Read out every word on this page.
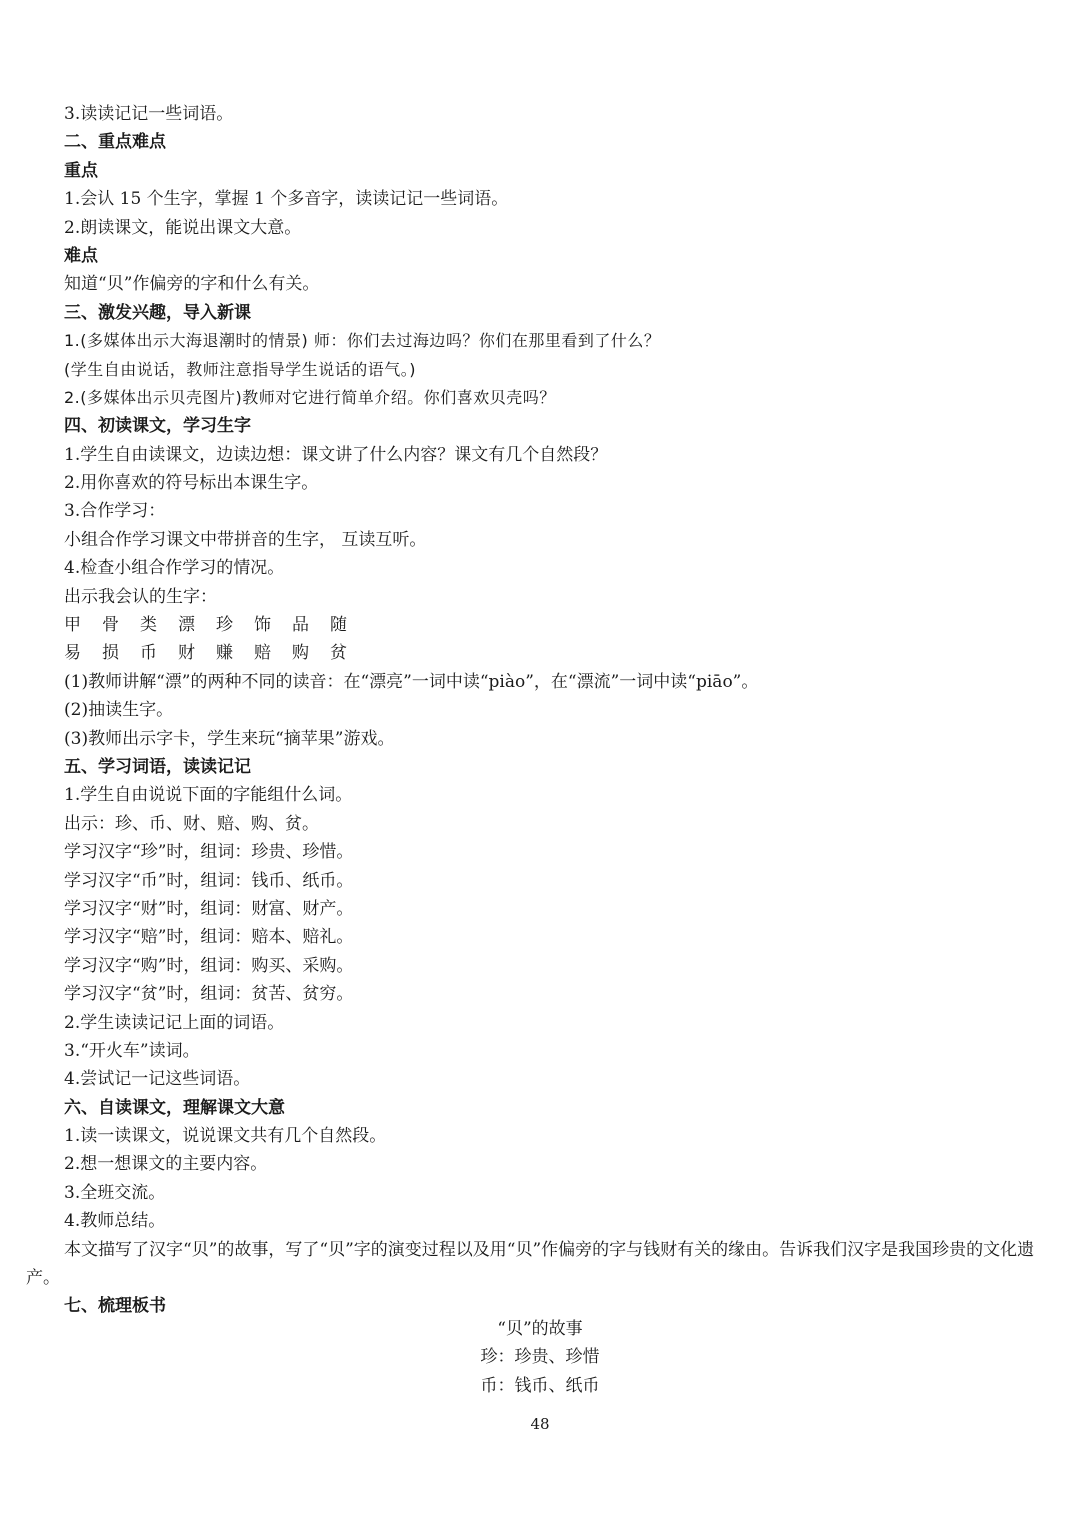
3.读读记记一些词语。
二、重点难点
重点
1.会认 15 个生字，掌握 1 个多音字，读读记记一些词语。
2.朗读课文，能说出课文大意。
难点
知道“贝”作偏旁的字和什么有关。
三、激发兴趣，导入新课
1.(多媒体出示大海退潮时的情景) 师：你们去过海边吗？你们在那里看到了什么？
(学生自由说话，教师注意指导学生说话的语气。)
2.(多媒体出示贝壳图片)教师对它进行简单介绍。你们喜欢贝壳吗？
四、初读课文，学习生字
1.学生自由读课文，边读边想：课文讲了什么内容？课文有几个自然段？
2.用你喜欢的符号标出本课生字。
3.合作学习：
小组合作学习课文中带拼音的生字， 互读互听。
4.检查小组合作学习的情况。
出示我会认的生字：
甲 骨 类 漂 珍 饰 品 随
易 损 币 财 赚 赔 购 贫
(1)教师讲解“漂”的两种不同的读音：在“漂亮”一词中读“piào”，在“漂流”一词中读“piāo”。
(2)抽读生字。
(3)教师出示字卡，学生来玩“摘苹果”游戏。
五、学习词语，读读记记
1.学生自由说说下面的字能组什么词。
出示：珍、币、财、赔、购、贫。
学习汉字“珍”时，组词：珍贵、珍惜。
学习汉字“币”时，组词：钱币、纸币。
学习汉字“财”时，组词：财富、财产。
学习汉字“赔”时，组词：赔本、赔礼。
学习汉字“购”时，组词：购买、采购。
学习汉字“贫”时，组词：贫苦、贫穷。
2.学生读读记记上面的词语。
3.“开火车”读词。
4.尝试记一记这些词语。
六、自读课文，理解课文大意
1.读一读课文，说说课文共有几个自然段。
2.想一想课文的主要内容。
3.全班交流。
4.教师总结。
本文描写了汉字“贝”的故事，写了“贝”字的演变过程以及用“贝”作偏旁的字与钱财有关的缘由。告诉我们汉字是我国珍贵的文化遗产。
七、梳理板书
“贝”的故事
珍：珍贵、珍惜
币：钱币、纸币
48
